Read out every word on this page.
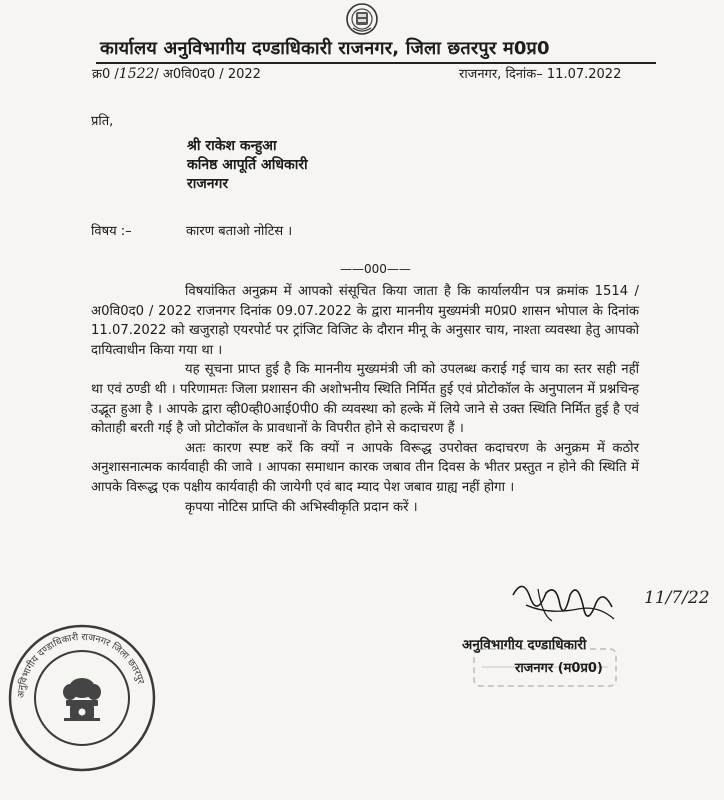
कार्यालय अनुविभागीय दण्डाधिकारी राजनगर, जिला छतरपुर म0प्र0
क्र0 /1522/ अ0वि0द0 / 2022	राजनगर, दिनांक– 11.07.2022
प्रति,
श्री राकेश कन्हुआ
कनिष्ठ आपूर्ति अधिकारी
राजनगर
विषय :–	कारण बताओ नोटिस ।
——000——

विषयांकित अनुक्रम में आपको संसूचित किया जाता है कि कार्यालयीन पत्र क्रमांक 1514 / अ0वि0द0 / 2022 राजनगर दिनांक 09.07.2022 के द्वारा माननीय मुख्यमंत्री म0प्र0 शासन भोपाल के दिनांक 11.07.2022 को खजुराहो एयरपोर्ट पर ट्रांजिट विजिट के दौरान मीनू के अनुसार चाय, नाश्ता व्यवस्था हेतु आपको दायित्वाधीन किया गया था ।

यह सूचना प्राप्त हुई है कि माननीय मुख्यमंत्री जी को उपलब्ध कराई गई चाय का स्तर सही नहीं था एवं ठण्डी थी । परिणामतः जिला प्रशासन की अशोभनीय स्थिति निर्मित हुई एवं प्रोटोकॉल के अनुपालन में प्रश्नचिन्ह उद्भूत हुआ है । आपके द्वारा व्ही0व्ही0आई0पी0 की व्यवस्था को हल्के में लिये जाने से उक्त स्थिति निर्मित हुई है एवं कोताही बरती गई है जो प्रोटोकॉल के प्रावधानों के विपरीत होने से कदाचरण हैं ।

अतः कारण स्पष्ट करें कि क्यों न आपके विरूद्ध उपरोक्त कदाचरण के अनुक्रम में कठोर अनुशासनात्मक कार्यवाही की जावे । आपका समाधान कारक जबाव तीन दिवस के भीतर प्रस्तुत न होने की स्थिति में आपके विरूद्ध एक पक्षीय कार्यवाही की जायेगी एवं बाद म्याद पेश जबाव ग्राह्य नहीं होगा ।

कृपया नोटिस प्राप्ति की अभिस्वीकृति प्रदान करें ।

11/7/22
अनुविभागीय दण्डाधिकारी
राजनगर (म0प्र0)
अनुविभागीय दण्डाधिकारी राजनगर जिला छतरपुर
